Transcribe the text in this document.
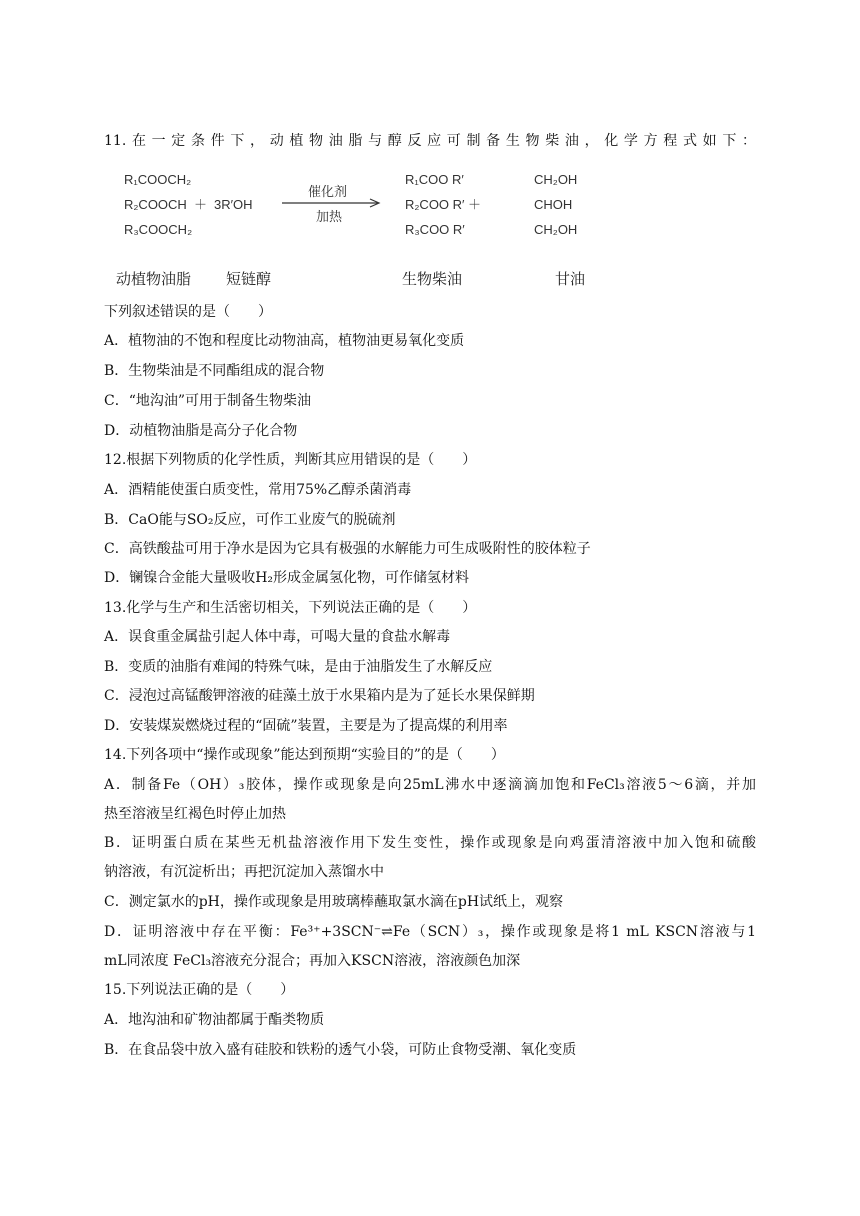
11.在一定条件下，动植物油脂与醇反应可制备生物柴油，化学方程式如下：
R₁COOCH₂
R₂COOCH
R₃COOCH₂
＋ 3R′OH
催化剂
加热
R₁COO R′
R₂COO R′
R₃COO R′
＋
CH₂OH
CHOH
CH₂OH
动植物油脂 短链醇	生物柴油	甘油
下列叙述错误的是（　　）
A．植物油的不饱和程度比动物油高，植物油更易氧化变质
B．生物柴油是不同酯组成的混合物
C．“地沟油”可用于制备生物柴油
D．动植物油脂是高分子化合物
12.根据下列物质的化学性质，判断其应用错误的是（　　）
A．酒精能使蛋白质变性，常用75%乙醇杀菌消毒
B．CaO能与SO₂反应，可作工业废气的脱硫剂
C．高铁酸盐可用于净水是因为它具有极强的水解能力可生成吸附性的胶体粒子
D．镧镍合金能大量吸收H₂形成金属氢化物，可作储氢材料
13.化学与生产和生活密切相关，下列说法正确的是（　　）
A．误食重金属盐引起人体中毒，可喝大量的食盐水解毒
B．变质的油脂有难闻的特殊气味，是由于油脂发生了水解反应
C．浸泡过高锰酸钾溶液的硅藻土放于水果箱内是为了延长水果保鲜期
D．安装煤炭燃烧过程的“固硫”装置，主要是为了提高煤的利用率
14.下列各项中“操作或现象”能达到预期“实验目的”的是（　　）
A．制备Fe（OH）₃胶体，操作或现象是向25mL沸水中逐滴滴加饱和FeCl₃溶液5～6滴，并加
热至溶液呈红褐色时停止加热
B．证明蛋白质在某些无机盐溶液作用下发生变性，操作或现象是向鸡蛋清溶液中加入饱和硫酸
钠溶液，有沉淀析出；再把沉淀加入蒸馏水中
C．测定氯水的pH，操作或现象是用玻璃棒蘸取氯水滴在pH试纸上，观察
D．证明溶液中存在平衡：Fe³⁺+3SCN⁻⇌Fe（SCN）₃，操作或现象是将1 mL KSCN溶液与1
mL同浓度 FeCl₃溶液充分混合；再加入KSCN溶液，溶液颜色加深
15.下列说法正确的是（　　）
A．地沟油和矿物油都属于酯类物质
B．在食品袋中放入盛有硅胶和铁粉的透气小袋，可防止食物受潮、氧化变质
